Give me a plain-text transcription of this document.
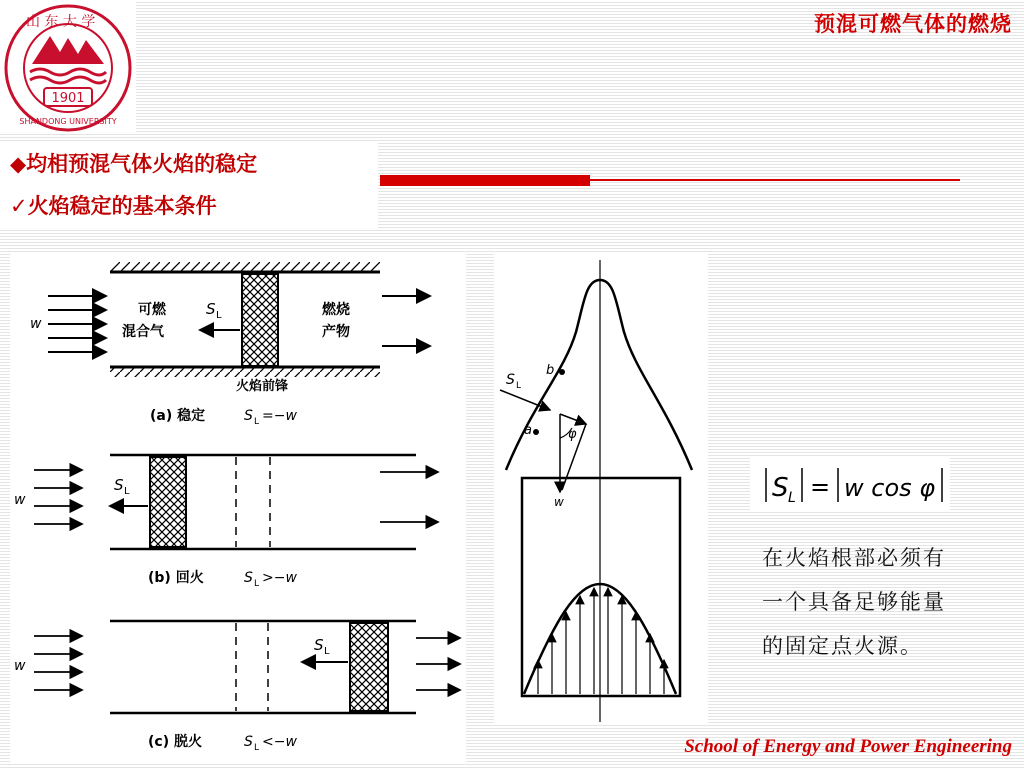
山 东 大 学
1901
SHANDONG UNIVERSITY
预混可燃气体的燃烧
◆均相预混气体火焰的稳定
✓火焰稳定的基本条件
w
可燃
混合气
S L	燃烧
产物
火焰前锋
(a) 稳定	S L =−w
w
S L
(b) 回火	S L >−w
w
S L
(c) 脱火	S L <−w
a
b
S L
φ
w	S L = w cos φ
在火焰根部必须有一个具备足够能量的固定点火源。
School of Energy and Power Engineering
